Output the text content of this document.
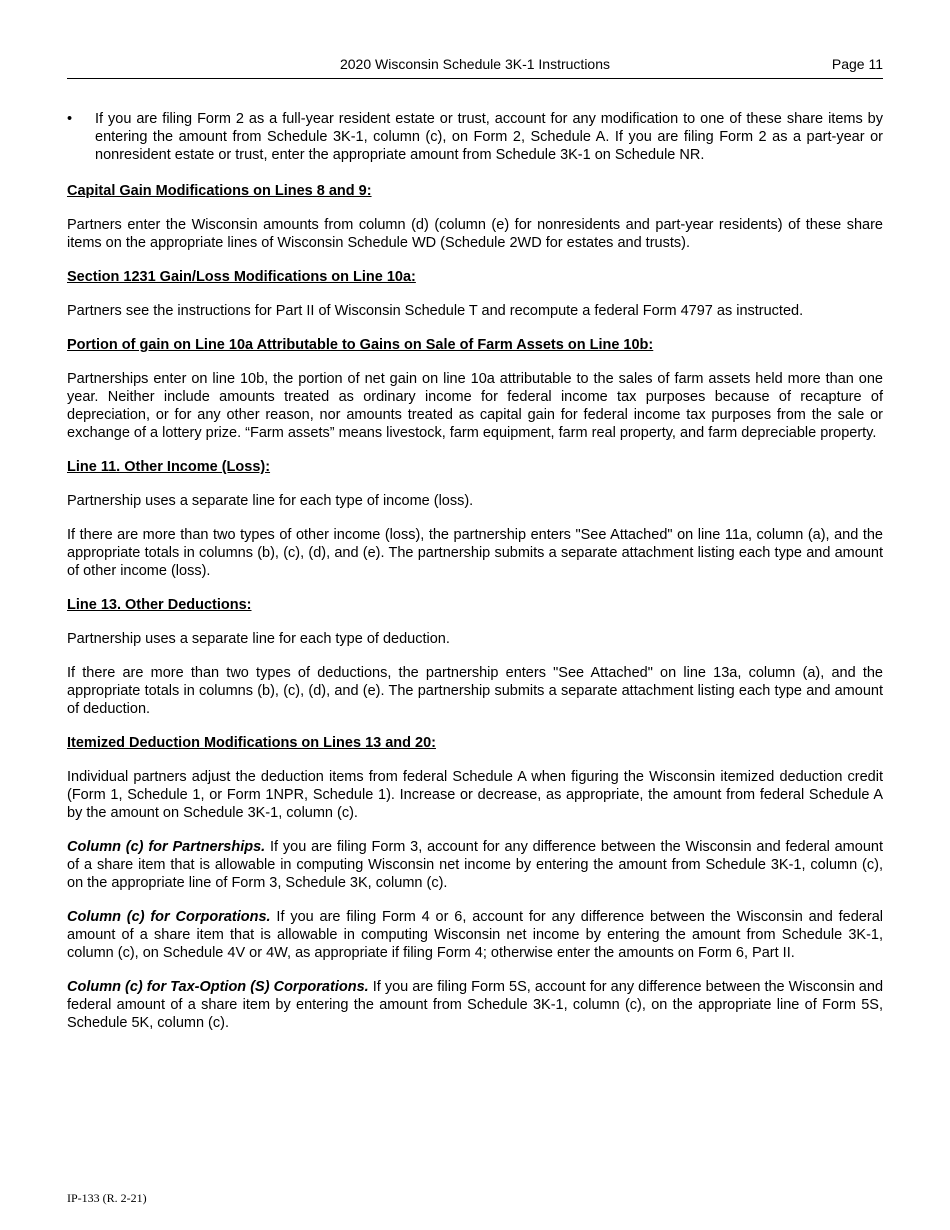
2020 Wisconsin Schedule 3K-1 Instructions	Page 11
• If you are filing Form 2 as a full-year resident estate or trust, account for any modification to one of these share items by entering the amount from Schedule 3K-1, column (c), on Form 2, Schedule A. If you are filing Form 2 as a part-year or nonresident estate or trust, enter the appropriate amount from Schedule 3K-1 on Schedule NR.
Capital Gain Modifications on Lines 8 and 9:

Partners enter the Wisconsin amounts from column (d) (column (e) for nonresidents and part-year residents) of these share items on the appropriate lines of Wisconsin Schedule WD (Schedule 2WD for estates and trusts).

Section 1231 Gain/Loss Modifications on Line 10a:

Partners see the instructions for Part II of Wisconsin Schedule T and recompute a federal Form 4797 as instructed.

Portion of gain on Line 10a Attributable to Gains on Sale of Farm Assets on Line 10b:

Partnerships enter on line 10b, the portion of net gain on line 10a attributable to the sales of farm assets held more than one year. Neither include amounts treated as ordinary income for federal income tax purposes because of recapture of depreciation, or for any other reason, nor amounts treated as capital gain for federal income tax purposes from the sale or exchange of a lottery prize. “Farm assets” means livestock, farm equipment, farm real property, and farm depreciable property.

Line 11. Other Income (Loss):

Partnership uses a separate line for each type of income (loss).

If there are more than two types of other income (loss), the partnership enters "See Attached" on line 11a, column (a), and the appropriate totals in columns (b), (c), (d), and (e). The partnership submits a separate attachment listing each type and amount of other income (loss).

Line 13. Other Deductions:

Partnership uses a separate line for each type of deduction.

If there are more than two types of deductions, the partnership enters "See Attached" on line 13a, column (a), and the appropriate totals in columns (b), (c), (d), and (e). The partnership submits a separate attachment listing each type and amount of deduction.

Itemized Deduction Modifications on Lines 13 and 20:

Individual partners adjust the deduction items from federal Schedule A when figuring the Wisconsin itemized deduction credit (Form 1, Schedule 1, or Form 1NPR, Schedule 1). Increase or decrease, as appropriate, the amount from federal Schedule A by the amount on Schedule 3K-1, column (c).

Column (c) for Partnerships. If you are filing Form 3, account for any difference between the Wisconsin and federal amount of a share item that is allowable in computing Wisconsin net income by entering the amount from Schedule 3K-1, column (c), on the appropriate line of Form 3, Schedule 3K, column (c).

Column (c) for Corporations. If you are filing Form 4 or 6, account for any difference between the Wisconsin and federal amount of a share item that is allowable in computing Wisconsin net income by entering the amount from Schedule 3K-1, column (c), on Schedule 4V or 4W, as appropriate if filing Form 4; otherwise enter the amounts on Form 6, Part II.

Column (c) for Tax-Option (S) Corporations. If you are filing Form 5S, account for any difference between the Wisconsin and federal amount of a share item by entering the amount from Schedule 3K-1, column (c), on the appropriate line of Form 5S, Schedule 5K, column (c).

IP-133 (R. 2-21)
